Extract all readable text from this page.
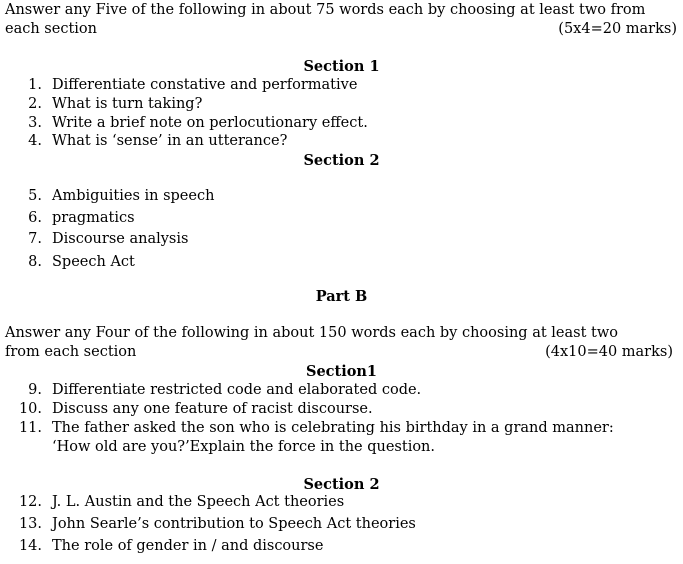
Answer any Five of the following in about 75 words each by choosing at least two from
each section	(5x4=20 marks)
Section 1
1. Differentiate constative and performative
2. What is turn taking?
3. Write a brief note on perlocutionary effect.
4. What is ‘sense’ in an utterance?
Section 2
5. Ambiguities in speech
6. pragmatics
7. Discourse analysis
8. Speech Act
Part B
Answer any Four of the following in about 150 words each by choosing at least two
from each section	(4x10=40 marks)
Section1
9. Differentiate restricted code and elaborated code.
10. Discuss any one feature of racist discourse.
11. The father asked the son who is celebrating his birthday in a grand manner:
‘How old are you?’Explain the force in the question.
Section 2
12. J. L. Austin and the Speech Act theories
13. John Searle’s contribution to Speech Act theories
14. The role of gender in / and discourse
